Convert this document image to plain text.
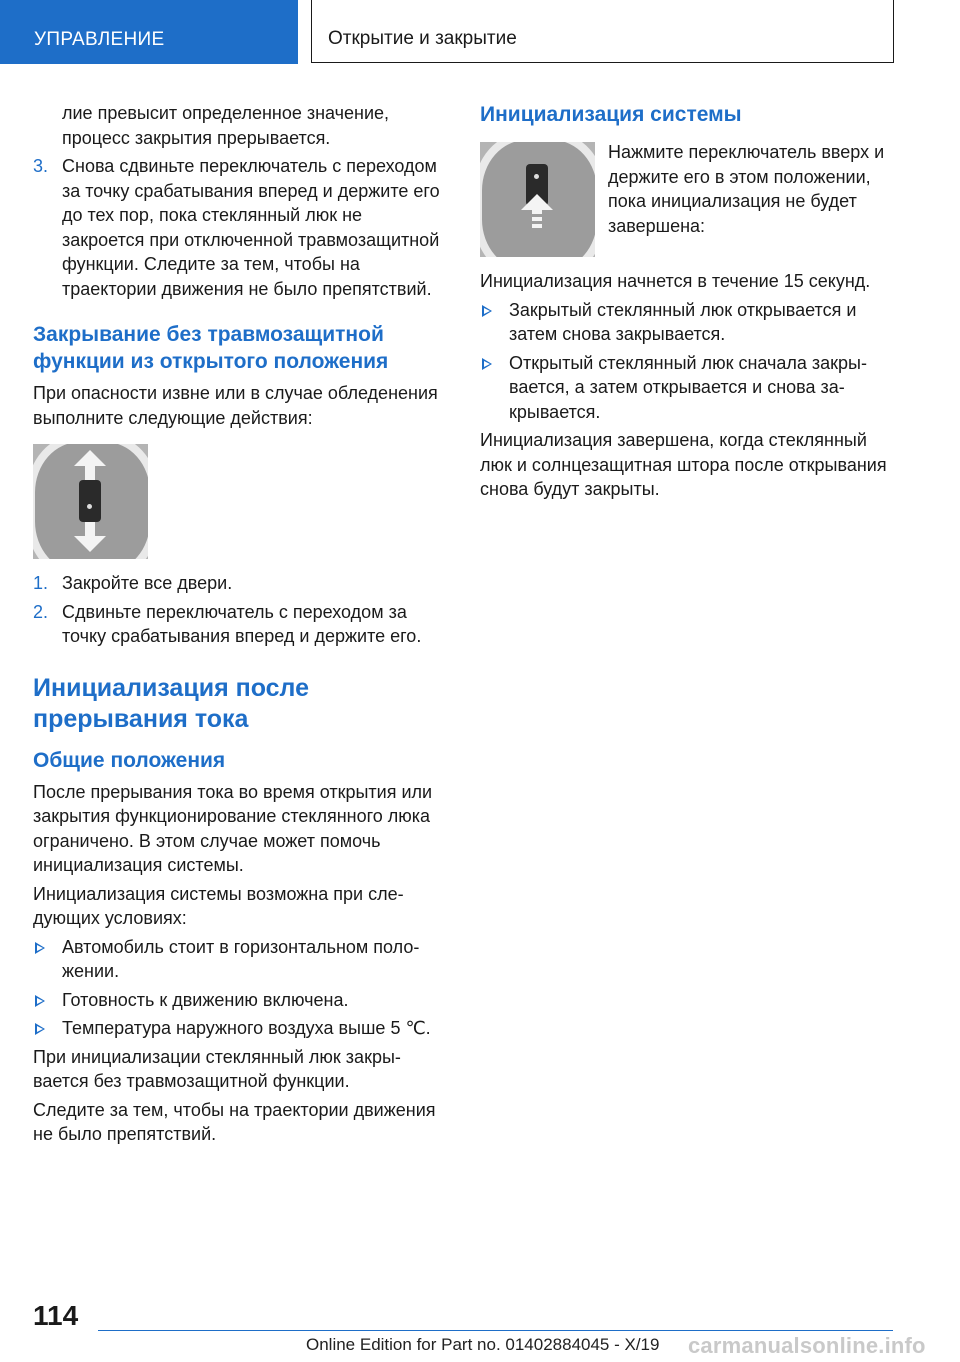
УПРАВЛЕНИЕ	Открытие и закрытие

лие превысит определенное значение, процесс закрытия прерывается.

3. Снова сдвиньте переключатель с переходом за точку срабатывания вперед и держите его до тех пор, пока стеклянный люк не закроется при отключенной травмозащитной функции. Следите за тем, чтобы на траектории движения не было препятствий.
Закрывание без травмозащитной функции из открытого положения

При опасности извне или в случае обледенения выполните следующие действия:

1. Закройте все двери.
2. Сдвиньте переключатель с переходом за точку срабатывания вперед и держите его.
Инициализация после прерывания тока
Общие положения

После прерывания тока во время открытия или закрытия функционирование стеклянного люка ограничено. В этом случае может помочь инициализация системы.

Инициализация системы возможна при следующих условиях:

Автомобиль стоит в горизонтальном положении.
Готовность к движению включена.
Температура наружного воздуха выше 5 ℃.

При инициализации стеклянный люк закрывается без травмозащитной функции.

Следите за тем, чтобы на траектории движения не было препятствий.

Инициализация системы
Нажмите переключатель вверх и держите его в этом положении, пока инициализация не будет завершена:

Инициализация начнется в течение 15 секунд.

Закрытый стеклянный люк открывается и затем снова закрывается.
Открытый стеклянный люк сначала закрывается, а затем открывается и снова закрывается.

Инициализация завершена, когда стеклянный люк и солнцезащитная штора после открывания снова будут закрыты.

114
Online Edition for Part no. 01402884045 - X/19 carmanualsonline.info
